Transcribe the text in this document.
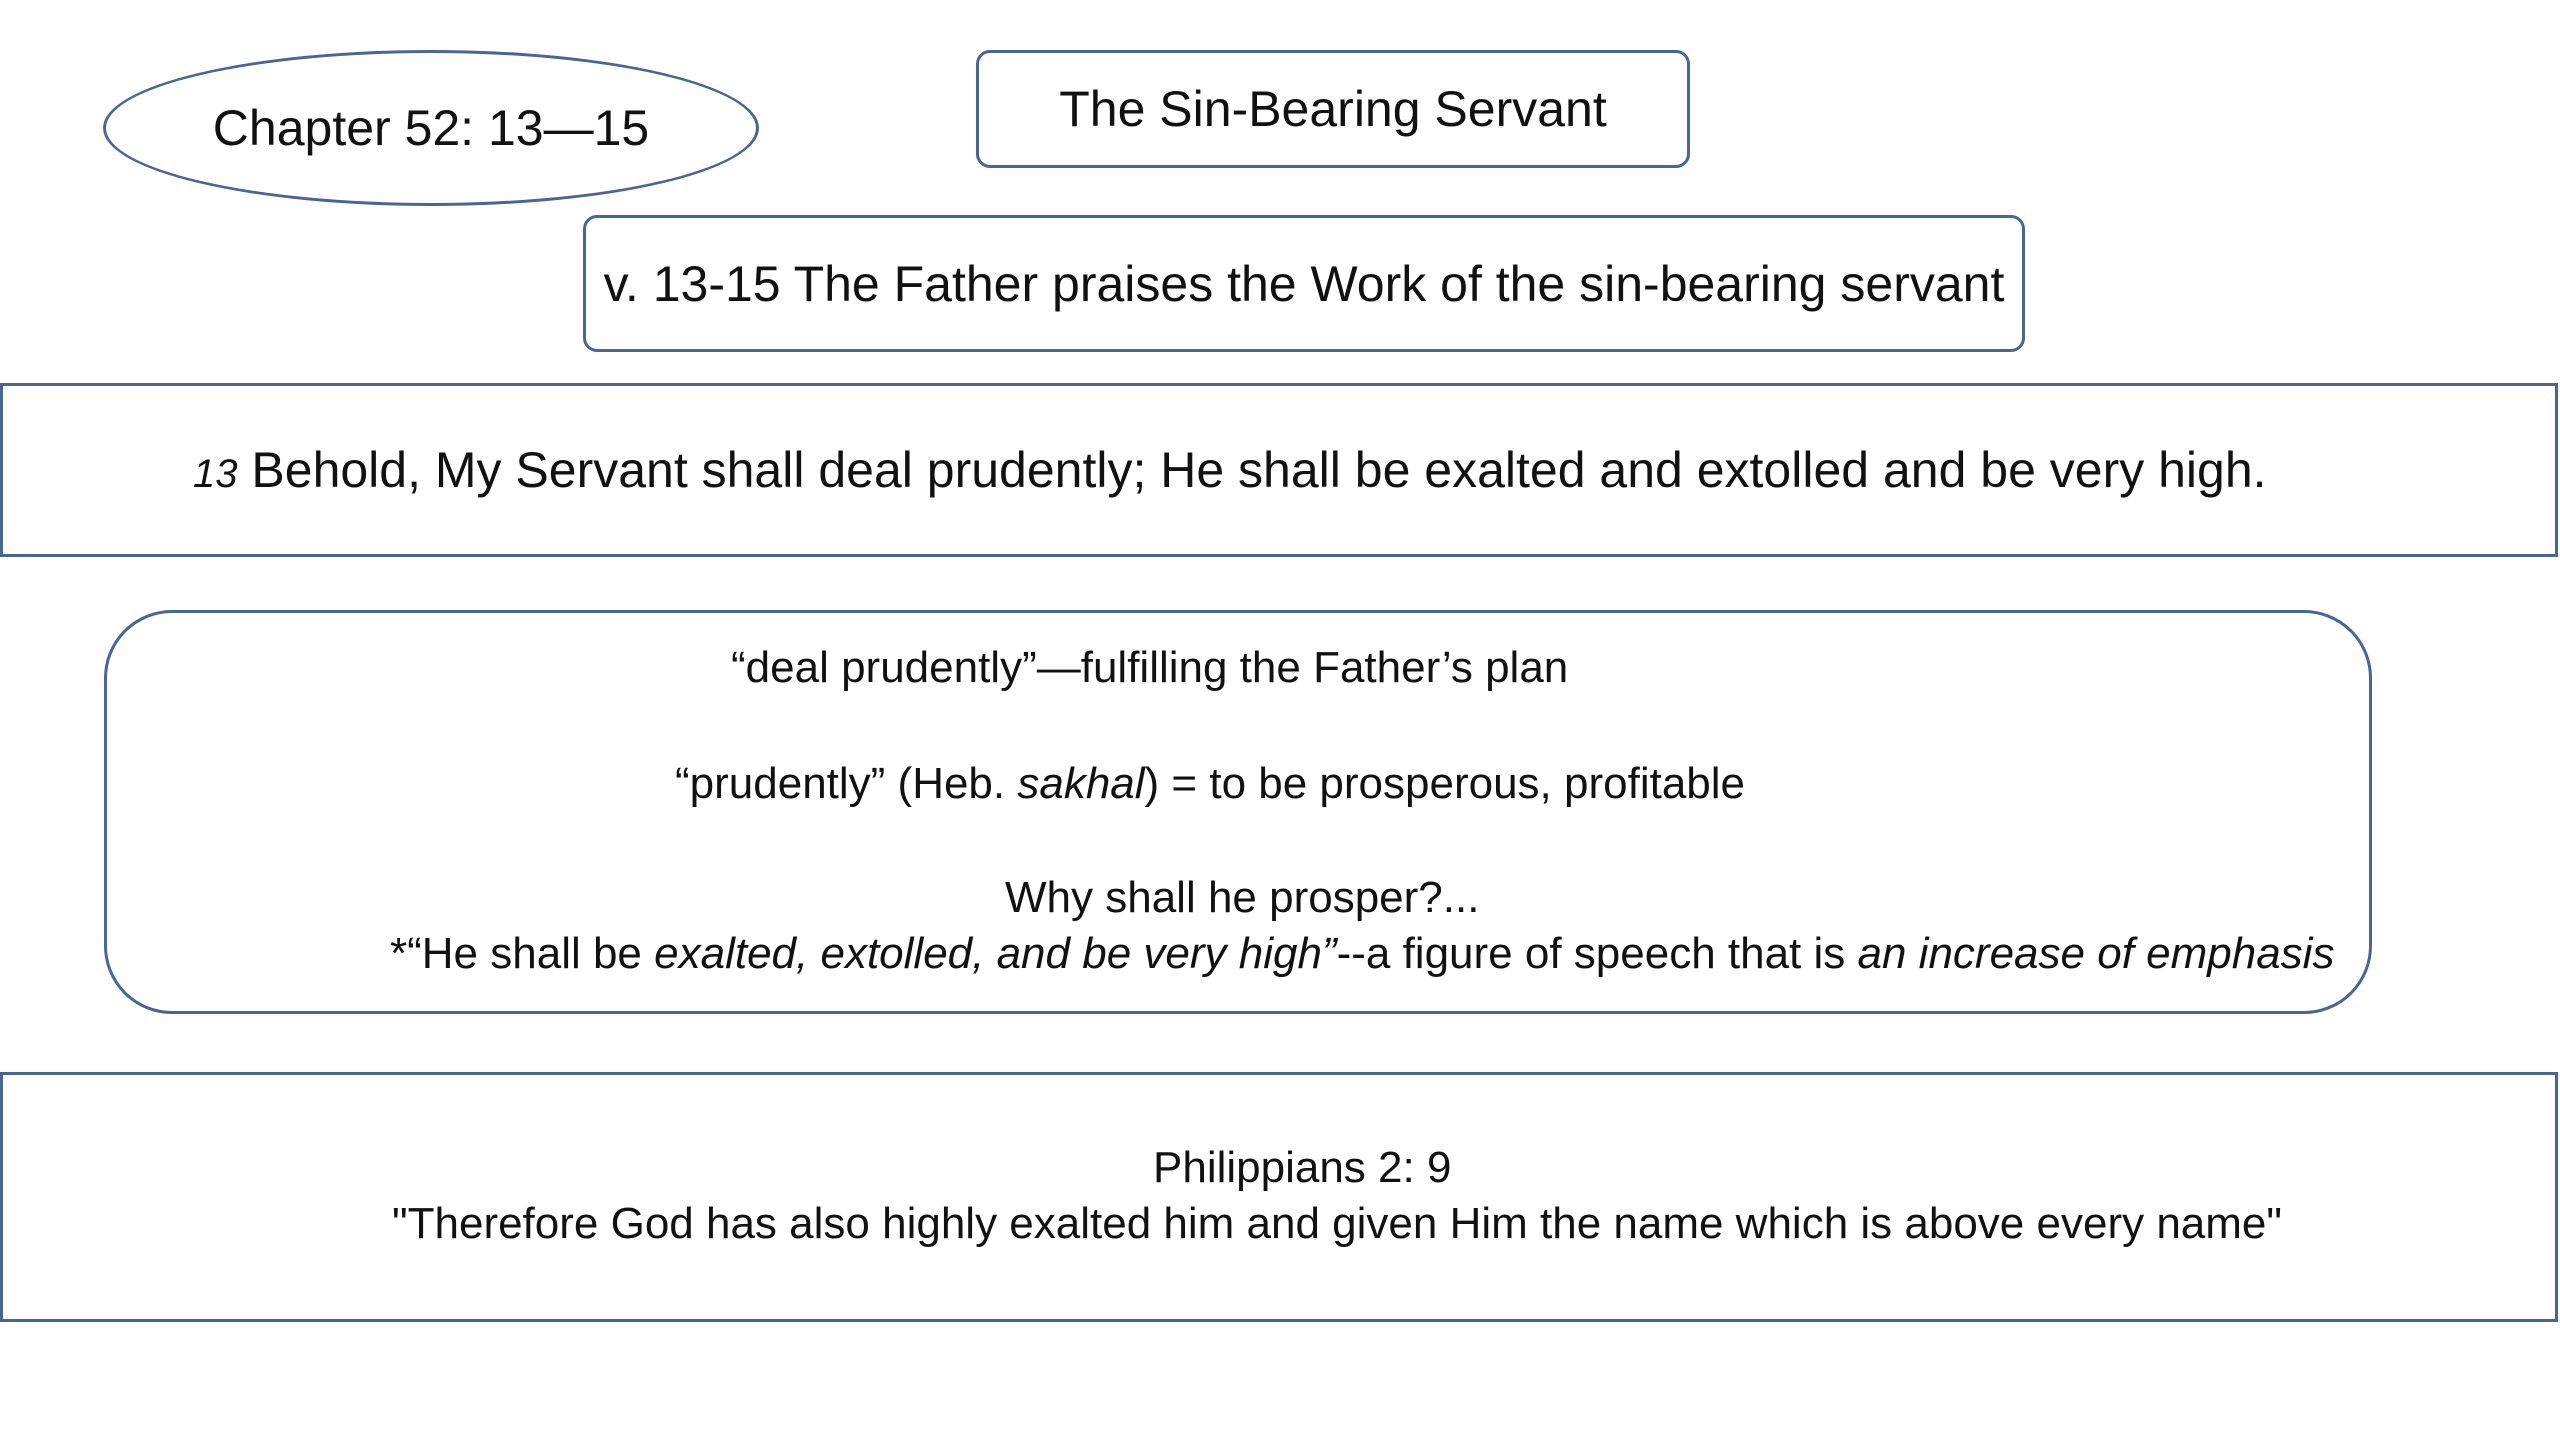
Chapter 52: 13—15	The Sin-Bearing Servant
v. 13-15 The Father praises the Work of the sin-bearing servant
13 Behold, My Servant shall deal prudently; He shall be exalted and extolled and be very high.
“deal prudently”—fulfilling the Father’s plan
“prudently” (Heb. sakhal) = to be prosperous, profitable
Why shall he prosper?...
*“He shall be exalted, extolled, and be very high”--a figure of speech that is an increase of emphasis
Philippians 2: 9
"Therefore God has also highly exalted him and given Him the name which is above every name"
